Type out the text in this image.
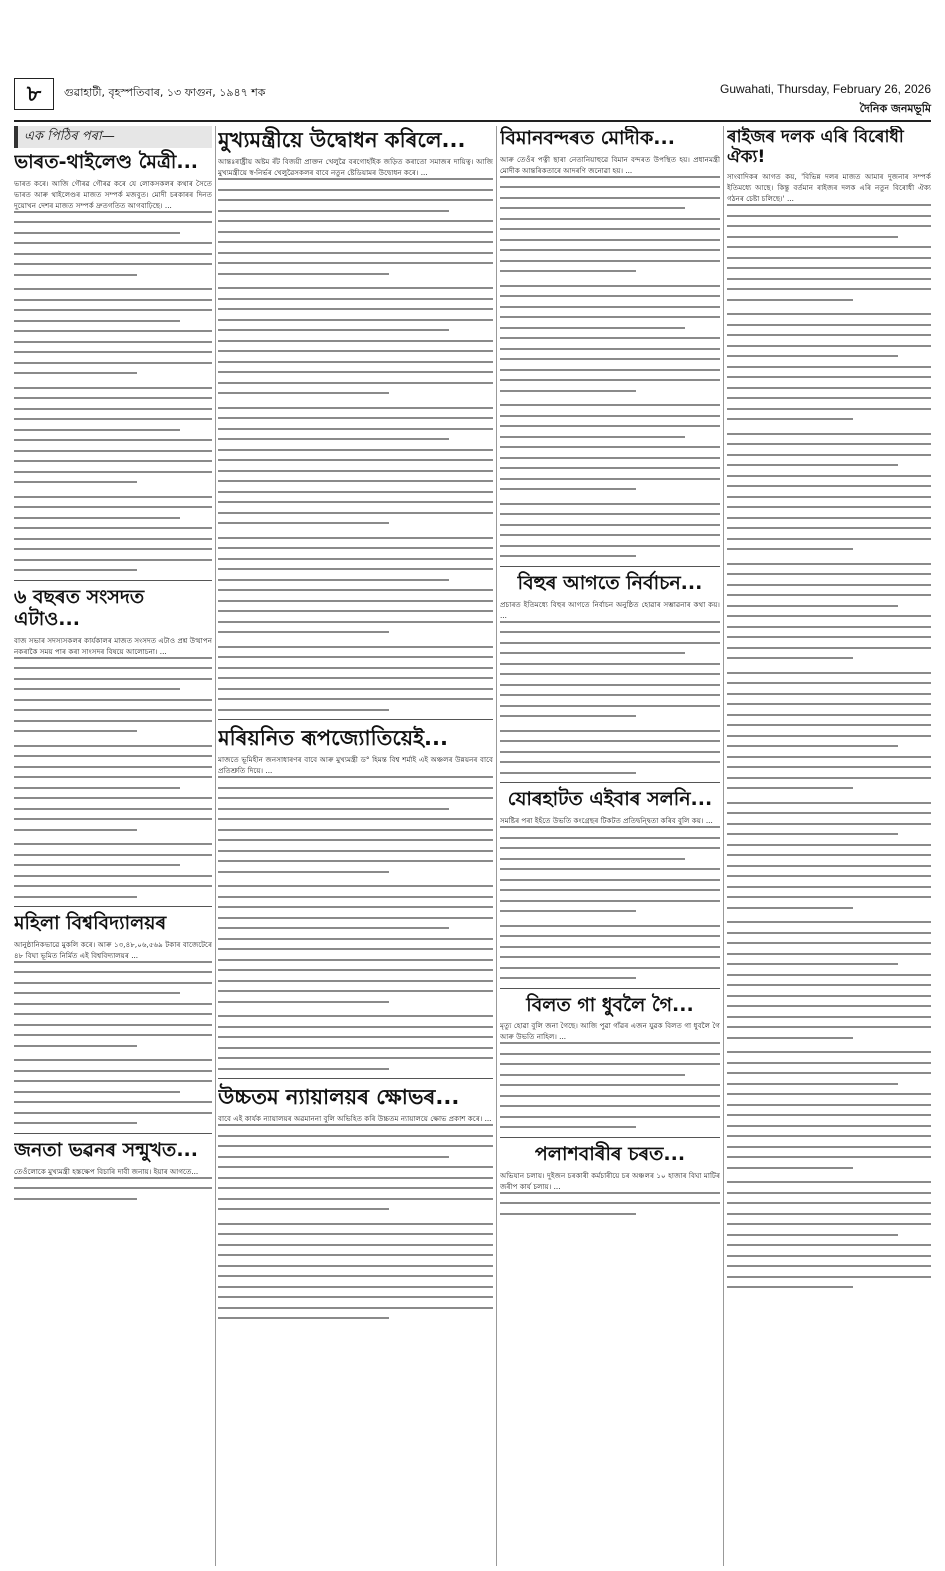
৮	গুৱাহাটী, বৃহস্পতিবাৰ, ১৩ ফাগুন, ১৯৪৭ শক	Guwahati, Thursday, February 26, 2026
দৈনিক জনমভূমি
এক পিঠিৰ পৰা—
ভাৰত-থাইলেণ্ড মৈত্ৰী...

ভাৰত কৰে। আজি গৌৰৱ গৌৰৱ কৰে যে লোকসকলৰ কথাৰ সৈতে ভাৰত আৰু থাইলেণ্ডৰ মাজত সম্পৰ্ক মজবুত। মোদী চৰকাৰৰ দিনত দুয়োখন দেশৰ মাজত সম্পৰ্ক দ্ৰুতগতিত আগবাঢ়িছে। ...

৬ বছৰত সংসদত এটাও...

বাজ সভাৰ সদস্যসকলৰ কাৰ্যকালৰ মাজত সংসদত এটাও প্ৰশ্ন উত্থাপন নকৰাকৈ সময় পাৰ কৰা সাংসদৰ বিষয়ে আলোচনা। ...

মহিলা বিশ্ববিদ্যালয়ৰ

আনুষ্ঠানিকভাৱে মুকলি কৰে। আৰু ১৩,৪৮,০৬,৫৬৯ টকাৰ বাজেটেৰে ৪৮ বিঘা ভূমিত নিৰ্মিত এই বিশ্ববিদ্যালয়ৰ ...

জনতা ভৱনৰ সন্মুখত...

তেওঁলোকে মুখ্যমন্ত্ৰী হস্তক্ষেপ বিচাৰি দাবী জনায়। ইয়াৰ আগতে...

মুখ্যমন্ত্ৰীয়ে উদ্বোধন কৰিলে...

আন্তঃৰাষ্ট্ৰীয় অষ্টম ৰঁট বিজয়ী প্ৰাক্তন খেলুৱৈ বৰগোহাঁইক জড়িত কৰাতো সমাজৰ দায়িত্ব। আজি মুখ্যমন্ত্ৰীয়ে স্ব-নিৰ্ভৰ খেলুৱৈসকলৰ বাবে নতুন ষ্টেডিয়ামৰ উদ্বোধন কৰে। ...

মৰিয়নিত ৰূপজ্যোতিয়েই...

মাজতে ভূমিহীন জনসাধাৰণৰ বাবে আৰু মুখ্যমন্ত্ৰী ড° হিমন্ত বিশ্ব শৰ্মাই এই অঞ্চলৰ উন্নয়নৰ বাবে প্ৰতিশ্ৰুতি দিয়ে। ...

উচ্চতম ন্যায়ালয়ৰ ক্ষোভৰ...

বাবে এই কাৰ্যক ন্যায়ালয়ৰ অৱমাননা বুলি অভিহিত কৰি উচ্চতম ন্যায়ালয়ে ক্ষোভ প্ৰকাশ কৰে। ...

বিমানবন্দৰত মোদীক...

আৰু তেওঁৰ পত্নী ছাৰা নেতানিয়াহুৱে বিমান বন্দৰত উপস্থিত হয়। প্ৰধানমন্ত্ৰী মোদীক আন্তৰিকতাৰে আদৰণি জনোৱা হয়। ...

বিহুৰ আগতে নিৰ্বাচন...

প্ৰচাৰত ইতিমধ্যে বিহুৰ আগতে নিৰ্বাচন অনুষ্ঠিত হোৱাৰ সম্ভাৱনাৰ কথা কয়। ...

যোৰহাটত এইবাৰ সলনি...

সমষ্টিৰ পৰা ইহঁতে উভতি কংগ্ৰেছৰ টিকটত প্ৰতিদ্বন্দ্বিতা কৰিব বুলি কয়। ...

বিলত গা ধুবলৈ গৈ...

মৃত্যু হোৱা বুলি জনা গৈছে। আজি পুৱা গাঁৱৰ এজন যুৱক বিলত গা ধুবলৈ গৈ আৰু উভতি নাহিল। ...

পলাশবাৰীৰ চৰত...

অভিযান চলায়। দুইজন চৰকাৰী কৰ্মচাৰীয়ে চৰ অঞ্চলৰ ১০ হাজাৰ বিঘা মাটিৰ জৰীপ কাৰ্য চলায়। ...

ৰাইজৰ দলক এৰি বিৰোধী ঐক্য!

সাংবাদিকৰ আগত কয়, 'বিভিন্ন দলৰ মাজত আমাৰ দুজনাৰ সম্পৰ্ক ইতিমধ্যে আছে। কিন্তু বৰ্তমান ৰাইজৰ দলক এৰি নতুন বিৰোধী ঐক্য গঠনৰ চেষ্টা চলিছে।' ...
